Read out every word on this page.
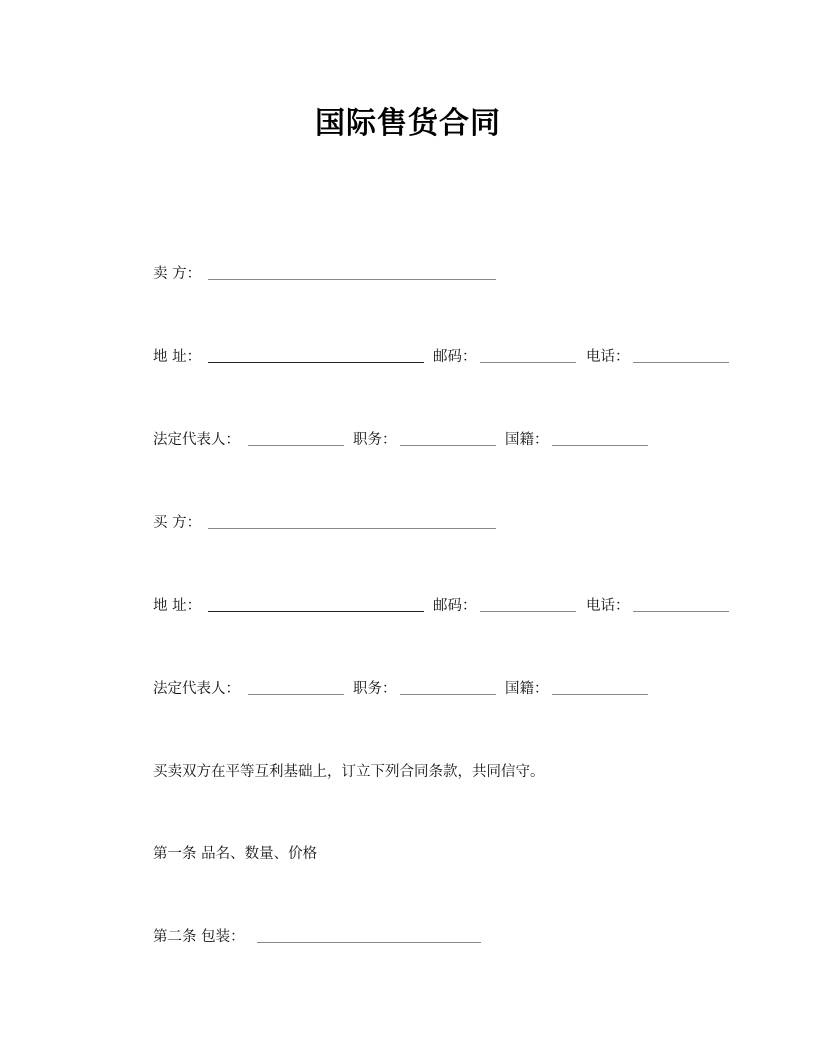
国际售货合同
卖 方：
地 址：	邮码：	电话：
法定代表人：	职务：	国籍：
买 方：
地 址：	邮码：	电话：
法定代表人：	职务：	国籍：
买卖双方在平等互利基础上，订立下列合同条款，共同信守。
第一条 品名、数量、价格
第二条 包装：
